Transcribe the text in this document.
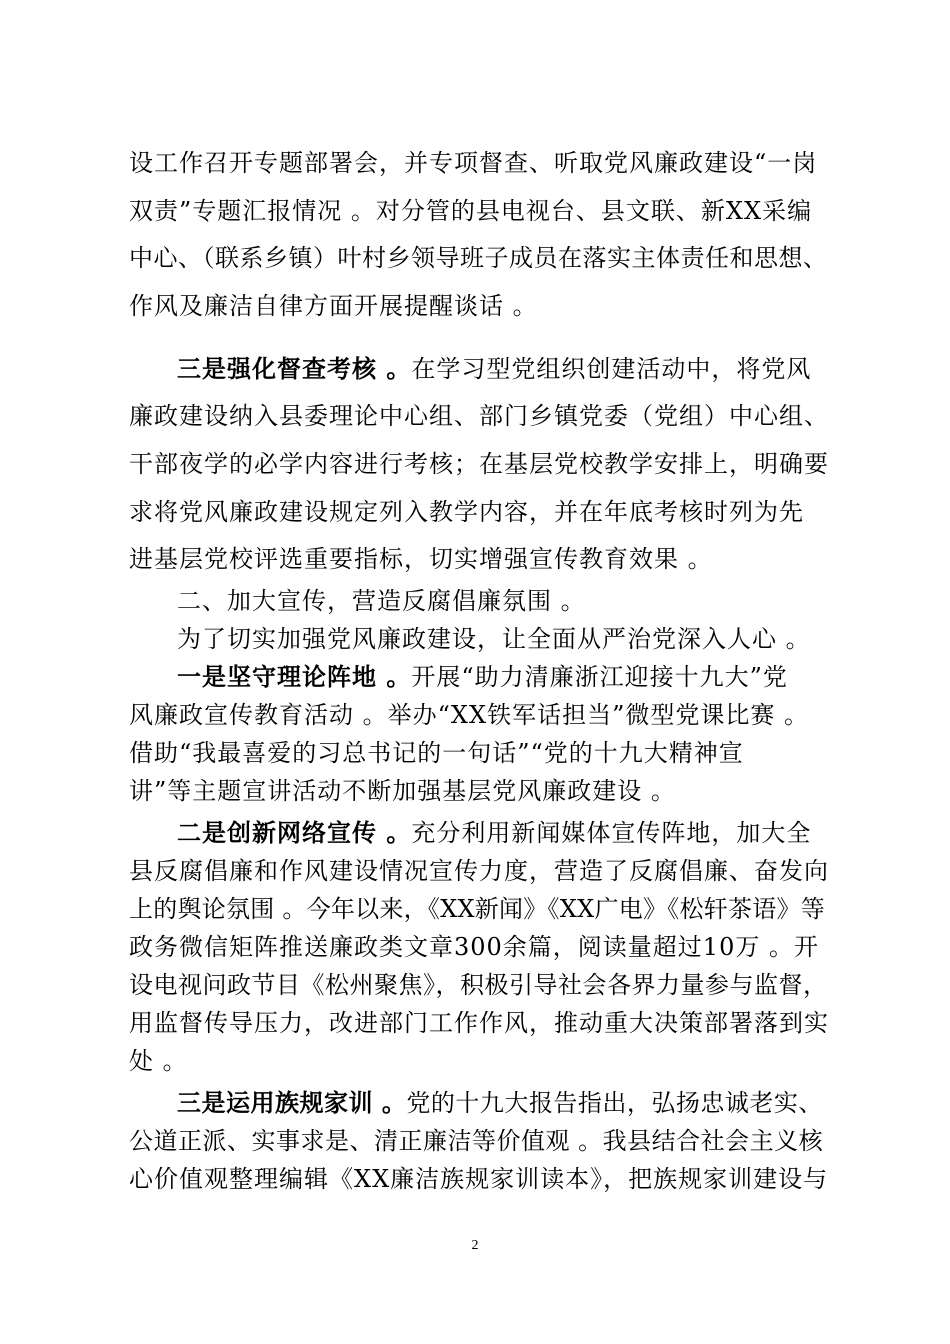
设工作召开专题部署会，并专项督查、听取党风廉政建设“一岗
双责”专题汇报情况 。对分管的县电视台、县文联、新XX采编
中心、（联系乡镇）叶村乡领导班子成员在落实主体责任和思想、
作风及廉洁自律方面开展提醒谈话 。
三是强化督查考核 。在学习型党组织创建活动中，将党风
廉政建设纳入县委理论中心组、部门乡镇党委（党组）中心组、
干部夜学的必学内容进行考核；在基层党校教学安排上，明确要
求将党风廉政建设规定列入教学内容，并在年底考核时列为先
进基层党校评选重要指标，切实增强宣传教育效果 。
二、加大宣传，营造反腐倡廉氛围 。
为了切实加强党风廉政建设，让全面从严治党深入人心 。
一是坚守理论阵地 。开展“助力清廉浙江迎接十九大”党
风廉政宣传教育活动 。举办“XX铁军话担当”微型党课比赛 。
借助“我最喜爱的习总书记的一句话”“党的十九大精神宣
讲”等主题宣讲活动不断加强基层党风廉政建设 。
二是创新网络宣传 。充分利用新闻媒体宣传阵地，加大全
县反腐倡廉和作风建设情况宣传力度，营造了反腐倡廉、奋发向
上的舆论氛围 。今年以来，《XX新闻》《XX广电》《松轩茶语》等
政务微信矩阵推送廉政类文章300余篇，阅读量超过10万 。开
设电视问政节目《松州聚焦》，积极引导社会各界力量参与监督，
用监督传导压力，改进部门工作作风，推动重大决策部署落到实
处 。
三是运用族规家训 。党的十九大报告指出，弘扬忠诚老实、
公道正派、实事求是、清正廉洁等价值观 。我县结合社会主义核
心价值观整理编辑《XX廉洁族规家训读本》，把族规家训建设与
2
